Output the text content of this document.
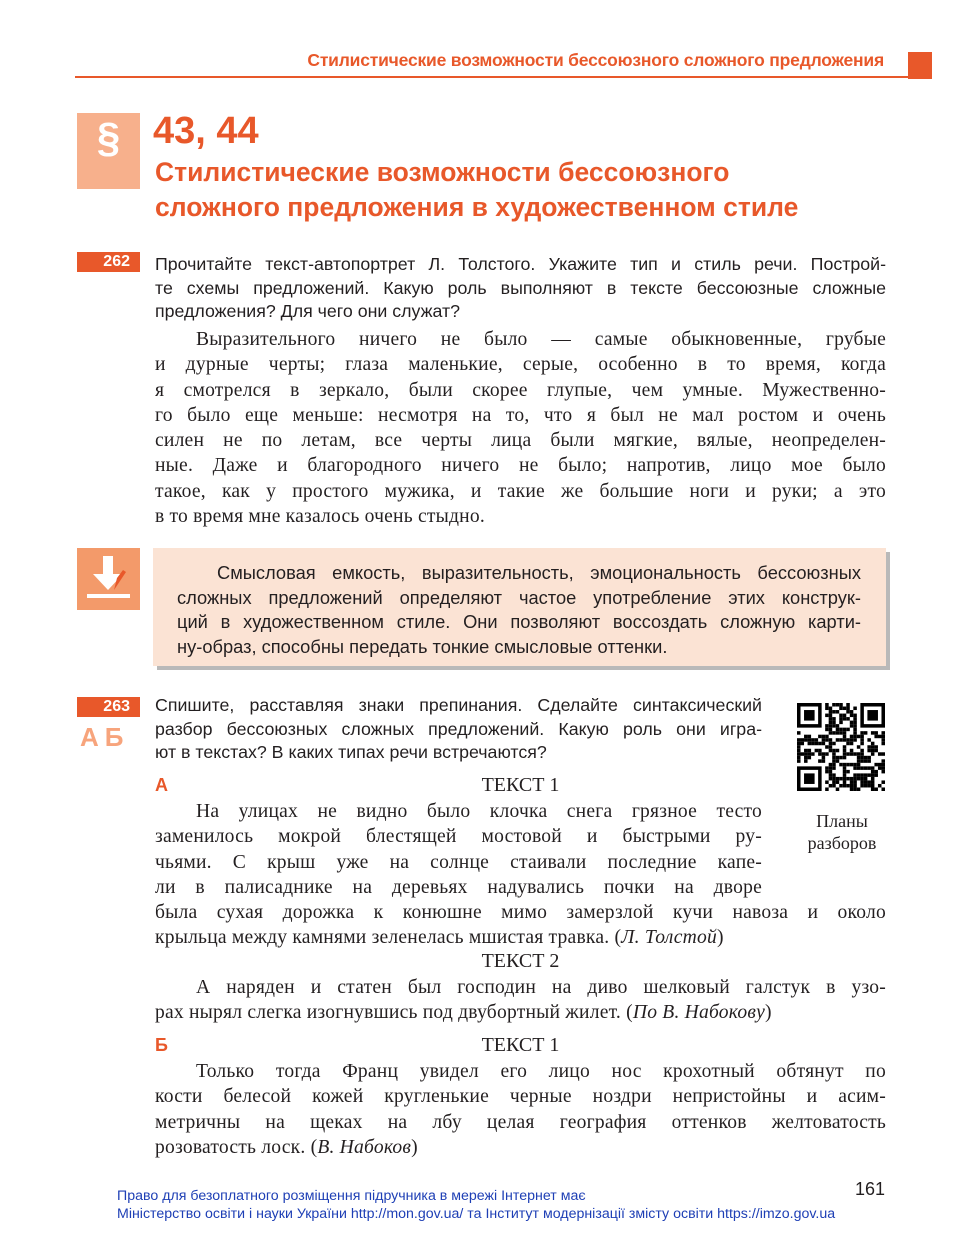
Стилистические возможности бессоюзного сложного предложения
§ 43, 44
Стилистические возможности бессоюзного
сложного предложения в художественном стиле
262	Прочитайте текст-автопортрет Л. Толстого. Укажите тип и стиль речи. Построй-
те схемы предложений. Какую роль выполняют в тексте бессоюзные сложные
предложения? Для чего они служат?
Выразительного ничего не было — самые обыкновенные, грубые
и дурные черты; глаза маленькие, серые, особенно в то время, когда
я смотрелся в зеркало, были скорее глупые, чем умные. Мужественно-
го было еще меньше: несмотря на то, что я был не мал ростом и очень
силен не по летам, все черты лица были мягкие, вялые, неопределен-
ные. Даже и благородного ничего не было; напротив, лицо мое было
такое, как у простого мужика, и такие же большие ноги и руки; а это
в то время мне казалось очень стыдно.
Смысловая емкость, выразительность, эмоциональность бессоюзных
сложных предложений определяют частое употребление этих конструк-
ций в художественном стиле. Они позволяют воссоздать сложную карти-
ну-образ, способны передать тонкие смысловые оттенки.
263
АБ
Спишите, расставляя знаки препинания. Сделайте синтаксический
разбор бессоюзных сложных предложений. Какую роль они игра-
ют в текстах? В каких типах речи встречаются?
Планы
разборов
А	ТЕКСТ 1
На улицах не видно было клочка снега грязное тесто
заменилось мокрой блестящей мостовой и быстрыми ру-
чьями. С крыш уже на солнце стаивали последние капе-
ли в палисаднике на деревьях надувались почки на дворе
была сухая дорожка к конюшне мимо замерзлой кучи навоза и около
крыльца между камнями зеленелась мшистая травка. ( Л. Толстой )
ТЕКСТ 2
А наряден и статен был господин на диво шелковый галстук в узо-
рах нырял слегка изогнувшись под двубортный жилет. ( По В. Набокову )
Б	ТЕКСТ 1
Только тогда Франц увидел его лицо нос крохотный обтянут по
кости белесой кожей кругленькие черные ноздри непристойны и асим-
метричны на щеках на лбу целая география оттенков желтоватость
розоватость лоск. ( В. Набоков )
Право для безоплатного розміщення підручника в мережі Інтернет має
Міністерство освіти і науки України http://mon.gov.ua/ та Інститут модернізації змісту освіти https://imzo.gov.ua
161
